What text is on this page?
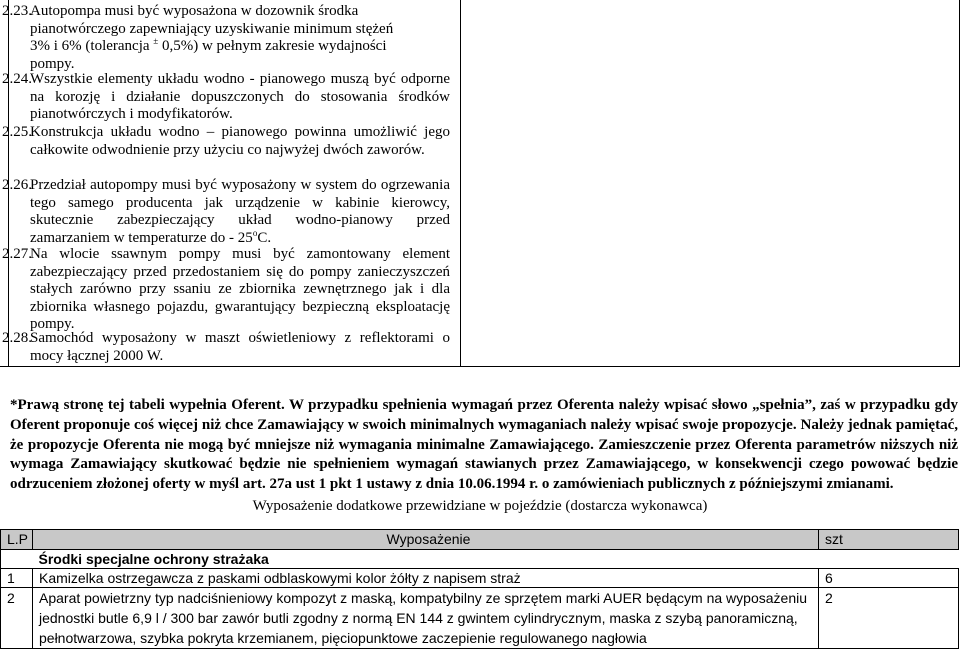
2.23.
Autopompa musi być wyposażona w dozownik środka
pianotwórczego zapewniający uzyskiwanie minimum stężeń
3% i 6% (tolerancja ± 0,5%) w pełnym zakresie wydajności
pompy.
2.24.
Wszystkie elementy układu wodno - pianowego muszą być odporne na korozję i działanie dopuszczonych do stosowania środków pianotwórczych i modyfikatorów.
2.25.
Konstrukcja układu wodno – pianowego powinna umożliwić jego całkowite odwodnienie przy użyciu co najwyżej dwóch zaworów.
2.26.
Przedział autopompy musi być wyposażony w system do ogrzewania tego samego producenta jak urządzenie w kabinie kierowcy, skutecznie zabezpieczający układ wodno-pianowy przed zamarzaniem w temperaturze do - 25$^o$C.
2.27.
Na wlocie ssawnym pompy musi być zamontowany element zabezpieczający przed przedostaniem się do pompy zanieczyszczeń stałych zarówno przy ssaniu ze zbiornika zewnętrznego jak i dla zbiornika własnego pojazdu, gwarantujący bezpieczną eksploatację pompy.
2.28.
Samochód wyposażony w maszt oświetleniowy z reflektorami o mocy łącznej 2000 W.
*Prawą stronę tej tabeli wypełnia Oferent. W przypadku spełnienia wymagań przez Oferenta należy wpisać słowo „spełnia”, zaś w przypadku gdy Oferent proponuje coś więcej niż chce Zamawiający w swoich minimalnych wymaganiach należy wpisać swoje propozycje. Należy jednak pamiętać, że propozycje Oferenta nie mogą być mniejsze niż wymagania minimalne Zamawiającego. Zamieszczenie przez Oferenta parametrów niższych niż wymaga Zamawiający skutkować będzie nie spełnieniem wymagań stawianych przez Zamawiającego, w konsekwencji czego powować będzie odrzuceniem złożonej oferty w myśl art. 27a ust 1 pkt 1 ustawy z dnia 10.06.1994 r. o zamówieniach publicznych z późniejszymi zmianami.
Wyposażenie dodatkowe przewidziane w pojeździe (dostarcza wykonawca)
L.P	Wyposażenie	szt
	Środki specjalne ochrony strażaka	
1	Kamizelka ostrzegawcza z paskami odblaskowymi kolor żółty z napisem straż	6
2	Aparat powietrzny typ nadciśnieniowy kompozyt z maską, kompatybilny ze sprzętem marki AUER będącym na wyposażeniu jednostki butle 6,9 l / 300 bar zawór butli zgodny z normą EN 144 z gwintem cylindrycznym, maska z szybą panoramiczną, pełnotwarzowa, szybka pokryta krzemianem, pięciopunktowe zaczepienie regulowanego nagłowia	2
